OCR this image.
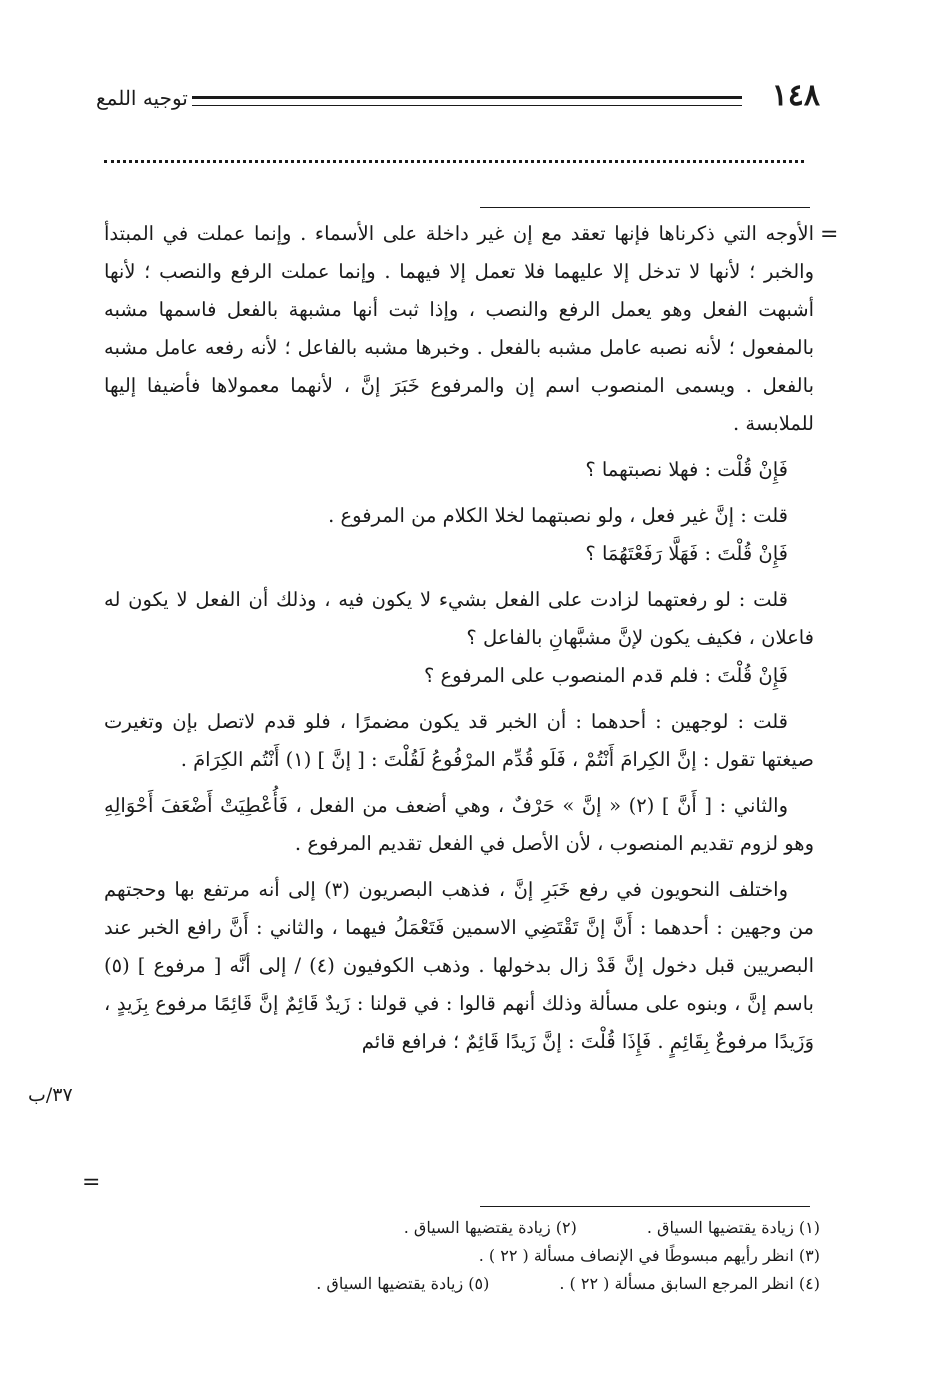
١٤٨
توجيه اللمع
=

الأوجه التي ذكرناها فإنها تعقد مع إن غير داخلة على الأسماء . وإنما عملت في المبتدأ والخبر ؛ لأنها لا تدخل إلا عليهما فلا تعمل إلا فيهما . وإنما عملت الرفع والنصب ؛ لأنها أشبهت الفعل وهو يعمل الرفع والنصب ، وإذا ثبت أنها مشبهة بالفعل فاسمها مشبه بالمفعول ؛ لأنه نصبه عامل مشبه بالفعل . وخبرها مشبه بالفاعل ؛ لأنه رفعه عامل مشبه بالفعل . ويسمى المنصوب اسم إن والمرفوع خَبَرَ إنَّ ، لأنهما معمولاها فأضيفا إليها للملابسة .

فَإِنْ قُلْت : فهلا نصبتهما ؟

قلت : إنَّ غير فعل ، ولو نصبتهما لخلا الكلام من المرفوع .

فَإِنْ قُلْتَ : فَهَلَّا رَفَعْتَهُمَا ؟

قلت : لو رفعتهما لزادت على الفعل بشيء لا يكون فيه ، وذلك أن الفعل لا يكون له فاعلان ، فكيف يكون لإنَّ مشبَّهانِ بالفاعل ؟

فَإِنْ قُلْتَ : فلم قدم المنصوب على المرفوع ؟

قلت : لوجهين : أحدهما : أن الخبر قد يكون مضمرًا ، فلو قدم لاتصل بإن وتغيرت صيغتها تقول : إنَّ الكِرامَ أَنْتُمْ ، فَلَو قُدِّم المرْفُوعُ لَقُلْتَ : [ إنَّ ] (١) أَنْتُم الكِرَامَ .

والثاني : [ أَنَّ ] (٢) « إنَّ » حَرْفٌ ، وهي أضعف من الفعل ، فَأُعْطِيَتْ أَضْعَفَ أَحْوَالِهِ وهو لزوم تقديم المنصوب ، لأن الأصل في الفعل تقديم المرفوع .

واختلف النحويون في رفع خَبَرِ إنَّ ، فذهب البصريون (٣) إلى أنه مرتفع بها وحجتهم من وجهين : أحدهما : أَنَّ إنَّ تَقْتَضِي الاسمين فَتَعْمَلُ فيهما ، والثاني : أَنَّ رافع الخبر عند البصريين قبل دخول إنَّ قَدْ زال بدخولها . وذهب الكوفيون (٤) / إلى أنَّه [ مرفوع ] (٥) باسم إنَّ ، وبنوه على مسألة وذلك أنهم قالوا : في قولنا : زَيدٌ قَائِمٌ إنَّ قَائِمًا مرفوع بِزَيدٍ ، وَزَيدًا مرفوعٌ بِقَائِمٍ . فَإِذَا قُلْتَ : إنَّ زَيدًا قَائِمٌ ؛ فرافع قائم

٣٧/ب
=
(١) زيادة يقتضيها السياق .
(٢) زيادة يقتضيها السياق .
(٣) انظر رأيهم مبسوطًا في الإنصاف مسألة ( ٢٢ ) .
(٤) انظر المرجع السابق مسألة ( ٢٢ ) .
(٥) زيادة يقتضيها السياق .
